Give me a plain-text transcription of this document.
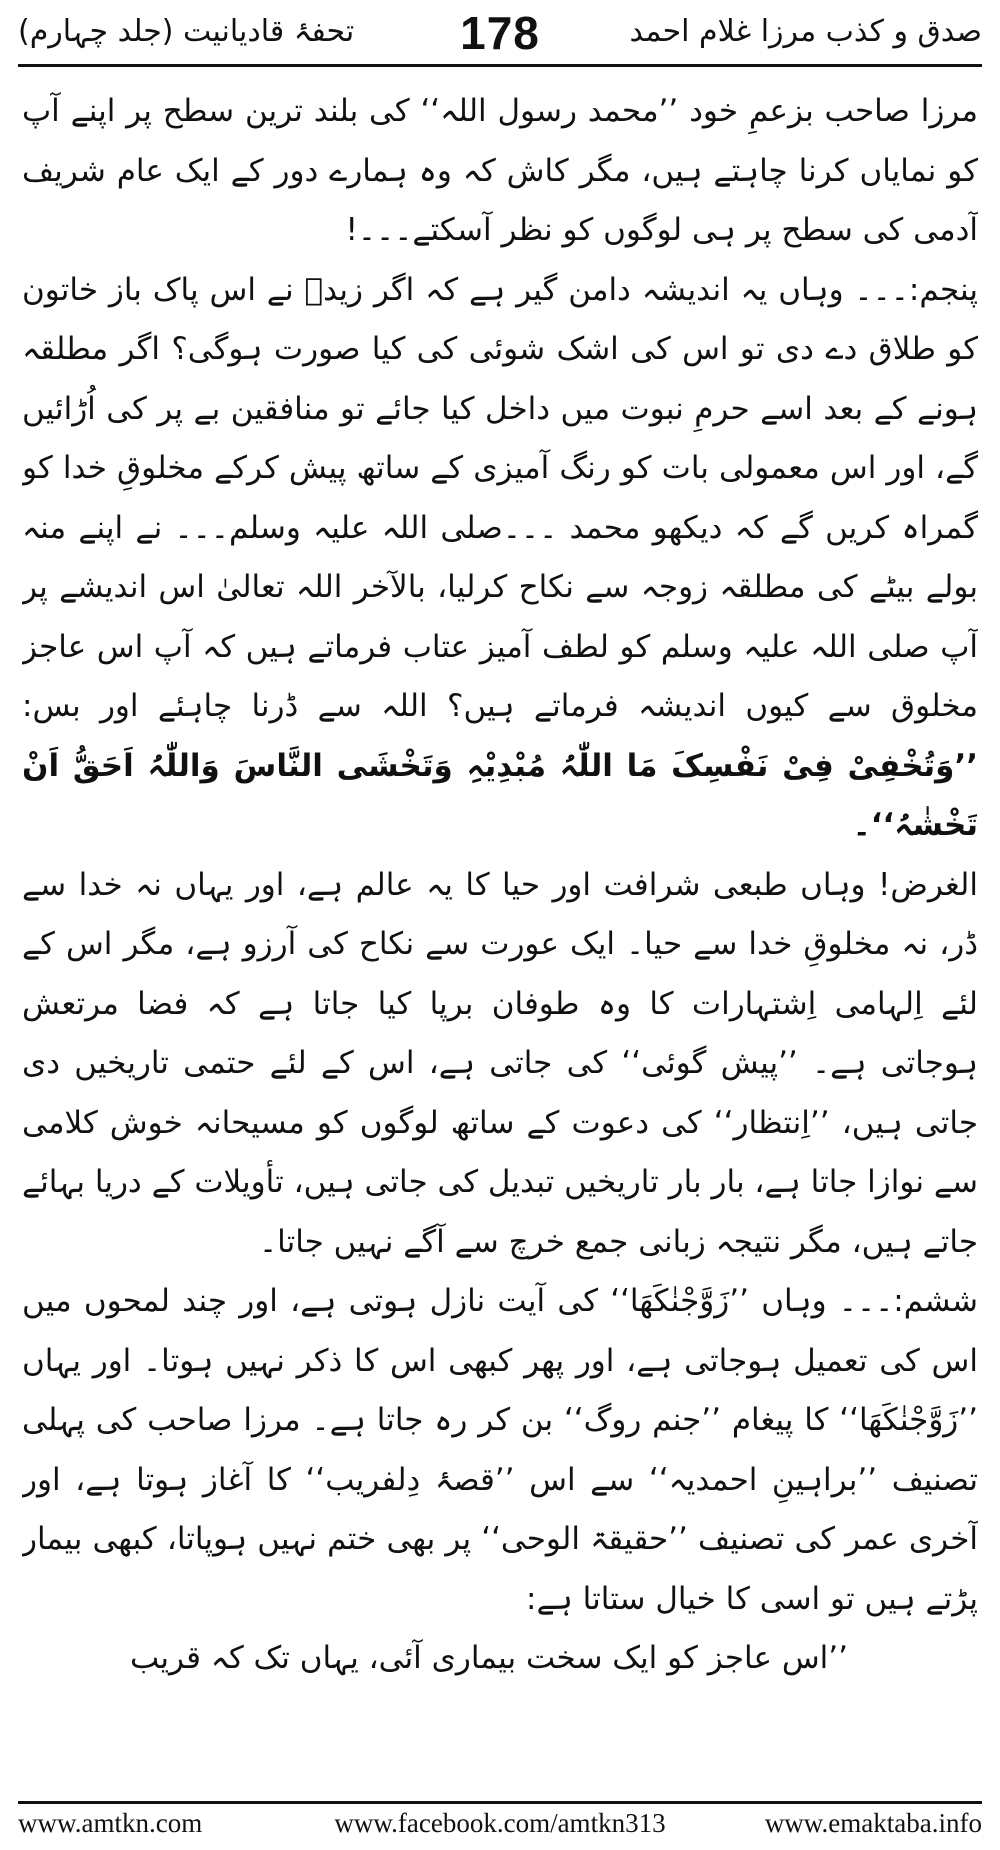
تحفۂ قادیانیت (جلد چہارم)	178	صدق و کذب مرزا غلام احمد

مرزا صاحب بزعمِ خود ’’محمد رسول اللہ‘‘ کی بلند ترین سطح پر اپنے آپ کو نمایاں کرنا چاہتے ہیں، مگر کاش کہ وہ ہمارے دور کے ایک عام شریف آدمی کی سطح پر ہی لوگوں کو نظر آسکتے۔۔۔!

پنجم:۔۔۔ وہاں یہ اندیشہ دامن گیر ہے کہ اگر زیدؓ نے اس پاک باز خاتون کو طلاق دے دی تو اس کی اشک شوئی کی کیا صورت ہوگی؟ اگر مطلقہ ہونے کے بعد اسے حرمِ نبوت میں داخل کیا جائے تو منافقین بے پر کی اُڑائیں گے، اور اس معمولی بات کو رنگ آمیزی کے ساتھ پیش کرکے مخلوقِ خدا کو گمراہ کریں گے کہ دیکھو محمد ۔۔۔صلی اللہ علیہ وسلم۔۔۔ نے اپنے منہ بولے بیٹے کی مطلقہ زوجہ سے نکاح کرلیا، بالآخر اللہ تعالیٰ اس اندیشے پر آپ صلی اللہ علیہ وسلم کو لطف آمیز عتاب فرماتے ہیں کہ آپ اس عاجز مخلوق سے کیوں اندیشہ فرماتے ہیں؟ اللہ سے ڈرنا چاہئے اور بس: ’’وَتُخْفِیْ فِیْ نَفْسِکَ مَا اللّٰہُ مُبْدِیْہِ وَتَخْشَی النَّاسَ وَاللّٰہُ اَحَقُّ اَنْ تَخْشٰہُ‘‘۔

الغرض! وہاں طبعی شرافت اور حیا کا یہ عالم ہے، اور یہاں نہ خدا سے ڈر، نہ مخلوقِ خدا سے حیا۔ ایک عورت سے نکاح کی آرزو ہے، مگر اس کے لئے اِلہامی اِشتہارات کا وہ طوفان برپا کیا جاتا ہے کہ فضا مرتعش ہوجاتی ہے۔ ’’پیش گوئی‘‘ کی جاتی ہے، اس کے لئے حتمی تاریخیں دی جاتی ہیں، ’’اِنتظار‘‘ کی دعوت کے ساتھ لوگوں کو مسیحانہ خوش کلامی سے نوازا جاتا ہے، بار بار تاریخیں تبدیل کی جاتی ہیں، تأویلات کے دریا بہائے جاتے ہیں، مگر نتیجہ زبانی جمع خرچ سے آگے نہیں جاتا۔

ششم:۔۔۔ وہاں ’’زَوَّجْنٰکَھَا‘‘ کی آیت نازل ہوتی ہے، اور چند لمحوں میں اس کی تعمیل ہوجاتی ہے، اور پھر کبھی اس کا ذکر نہیں ہوتا۔ اور یہاں ’’زَوَّجْنٰکَھَا‘‘ کا پیغام ’’جنم روگ‘‘ بن کر رہ جاتا ہے۔ مرزا صاحب کی پہلی تصنیف ’’براہینِ احمدیہ‘‘ سے اس ’’قصۂ دِلفریب‘‘ کا آغاز ہوتا ہے، اور آخری عمر کی تصنیف ’’حقیقۃ الوحی‘‘ پر بھی ختم نہیں ہوپاتا، کبھی بیمار پڑتے ہیں تو اسی کا خیال ستاتا ہے:

’’اس عاجز کو ایک سخت بیماری آئی، یہاں تک کہ قریب

www.amtkn.com	www.facebook.com/amtkn313	www.emaktaba.info
